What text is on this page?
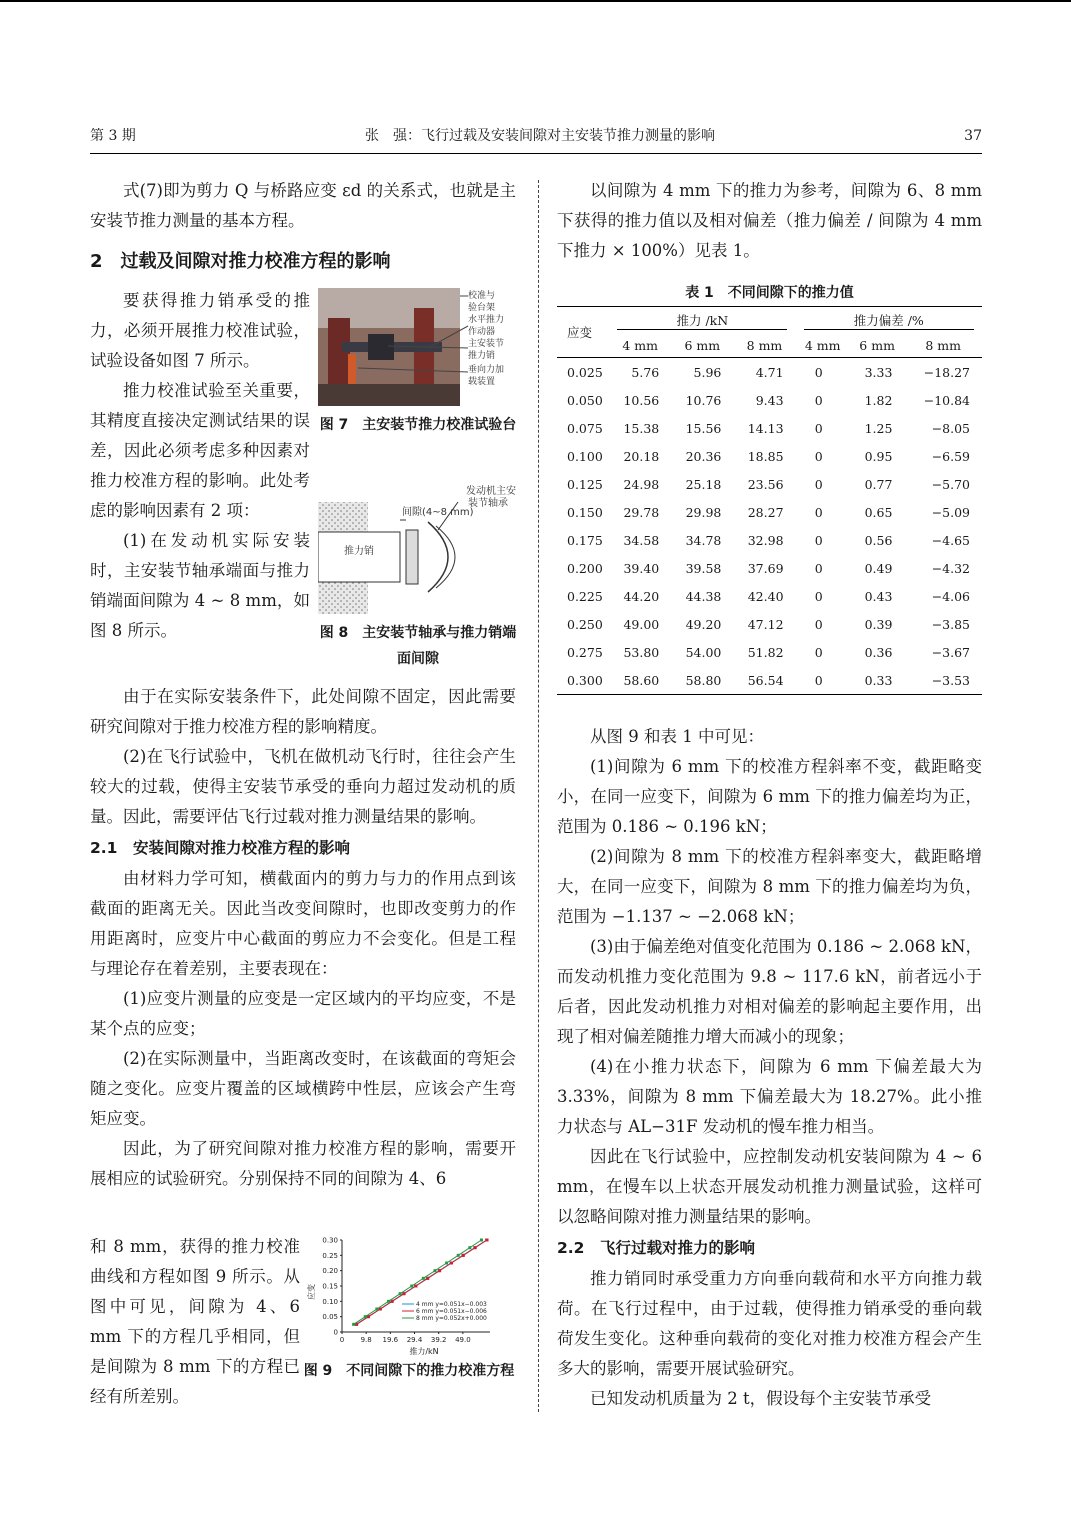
第 3 期	张　强：飞行过载及安装间隙对主安装节推力测量的影响	37

式(7)即为剪力 Q 与桥路应变 εd 的关系式，也就是主安装节推力测量的基本方程。

2　过载及间隙对推力校准方程的影响

要获得推力销承受的推力，必须开展推力校准试验，试验设备如图 7 所示。

推力校准试验至关重要，其精度直接决定测试结果的误差，因此必须考虑多种因素对推力校准方程的影响。此处考虑的影响因素有 2 项：

(1)在发动机实际安装时，主安装节轴承端面与推力销端面间隙为 4 ~ 8 mm，如图 8 所示。

校准与
验台架
水平推力
作动器
主安装节
推力销
垂向力加
载装置
图 7　主安装节推力校准试验台
间隙(4~8 mm)
发动机主安
装节轴承
推力销
图 8　主安装节轴承与推力销端面间隙

由于在实际安装条件下，此处间隙不固定，因此需要研究间隙对于推力校准方程的影响精度。

(2)在飞行试验中，飞机在做机动飞行时，往往会产生较大的过载，使得主安装节承受的垂向力超过发动机的质量。因此，需要评估飞行过载对推力测量结果的影响。

2.1　安装间隙对推力校准方程的影响

由材料力学可知，横截面内的剪力与力的作用点到该截面的距离无关。因此当改变间隙时，也即改变剪力的作用距离时，应变片中心截面的剪应力不会变化。但是工程与理论存在着差别，主要表现在：

(1)应变片测量的应变是一定区域内的平均应变，不是某个点的应变；

(2)在实际测量中，当距离改变时，在该截面的弯矩会随之变化。应变片覆盖的区域横跨中性层，应该会产生弯矩应变。

因此，为了研究间隙对推力校准方程的影响，需要开展相应的试验研究。分别保持不同的间隙为 4、6

和 8 mm，获得的推力校准曲线和方程如图 9 所示。从图中可见，间隙为 4、6 mm 下的方程几乎相同，但是间隙为 8 mm 下的方程已经有所差别。

0 9.8 19.6 29.4 39.2 49.0
0
0.05
0.10
0.15
0.20
0.25
0.30
4 mm y=0.051x−0.003
6 mm y=0.051x−0.006
8 mm y=0.052x+0.000
推力/kN
应变
图 9　不同间隙下的推力校准方程

以间隙为 4 mm 下的推力为参考，间隙为 6、8 mm 下获得的推力值以及相对偏差（推力偏差 / 间隙为 4 mm 下推力 × 100%）见表 1。

表 1　不同间隙下的推力值
应变	推力 /kN			推力偏差 /%		
	4 mm	6 mm	8 mm	4 mm	6 mm	8 mm
0.025	5.76	5.96	4.71	0	3.33	−18.27
0.050	10.56	10.76	9.43	0	1.82	−10.84
0.075	15.38	15.56	14.13	0	1.25	−8.05
0.100	20.18	20.36	18.85	0	0.95	−6.59
0.125	24.98	25.18	23.56	0	0.77	−5.70
0.150	29.78	29.98	28.27	0	0.65	−5.09
0.175	34.58	34.78	32.98	0	0.56	−4.65
0.200	39.40	39.58	37.69	0	0.49	−4.32
0.225	44.20	44.38	42.40	0	0.43	−4.06
0.250	49.00	49.20	47.12	0	0.39	−3.85
0.275	53.80	54.00	51.82	0	0.36	−3.67
0.300	58.60	58.80	56.54	0	0.33	−3.53

从图 9 和表 1 中可见：

(1)间隙为 6 mm 下的校准方程斜率不变，截距略变小，在同一应变下，间隙为 6 mm 下的推力偏差均为正，范围为 0.186 ~ 0.196 kN；

(2)间隙为 8 mm 下的校准方程斜率变大，截距略增大，在同一应变下，间隙为 8 mm 下的推力偏差均为负，范围为 −1.137 ~ −2.068 kN；

(3)由于偏差绝对值变化范围为 0.186 ~ 2.068 kN，而发动机推力变化范围为 9.8 ~ 117.6 kN，前者远小于后者，因此发动机推力对相对偏差的影响起主要作用，出现了相对偏差随推力增大而减小的现象；

(4)在小推力状态下，间隙为 6 mm 下偏差最大为 3.33%，间隙为 8 mm 下偏差最大为 18.27%。此小推力状态与 AL−31F 发动机的慢车推力相当。

因此在飞行试验中，应控制发动机安装间隙为 4 ~ 6 mm，在慢车以上状态开展发动机推力测量试验，这样可以忽略间隙对推力测量结果的影响。

2.2　飞行过载对推力的影响

推力销同时承受重力方向垂向载荷和水平方向推力载荷。在飞行过程中，由于过载，使得推力销承受的垂向载荷发生变化。这种垂向载荷的变化对推力校准方程会产生多大的影响，需要开展试验研究。

已知发动机质量为 2 t，假设每个主安装节承受
